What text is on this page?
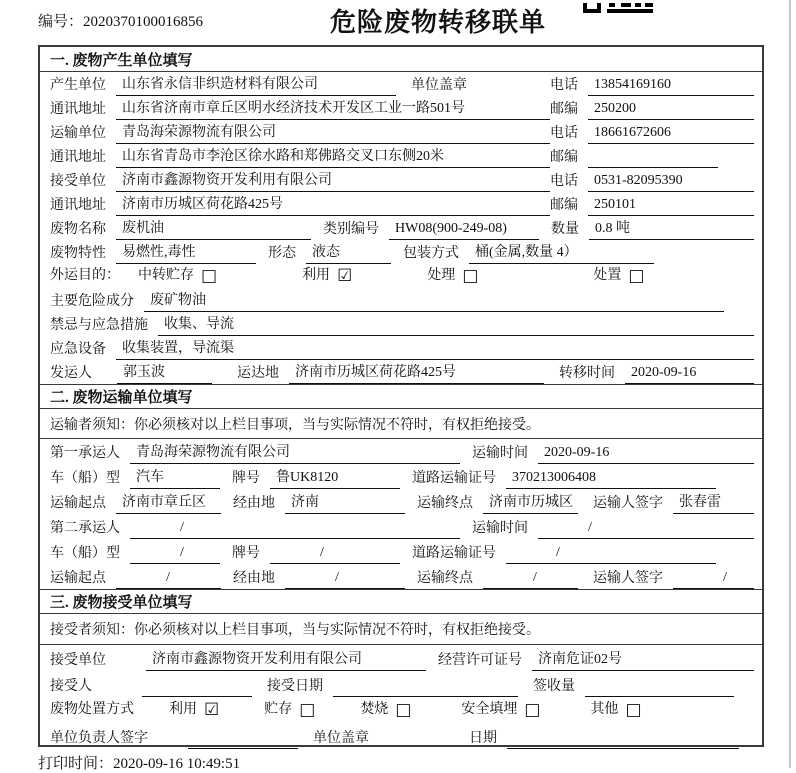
编号：2020370100016856	危险废物转移联单
一. 废物产生单位填写
产生单位	山东省永信非织造材料有限公司	单位盖章	电话	13854169160
通讯地址	山东省济南市章丘区明水经济技术开发区工业一路501号	邮编	250200
运输单位	青岛海荣源物流有限公司	电话	18661672606
通讯地址	山东省青岛市李沧区徐水路和郑佛路交叉口东侧20米	邮编
接受单位	济南市鑫源物资开发利用有限公司	电话	0531-82095390
通讯地址	济南市历城区荷花路425号	邮编	250101
废物名称	废机油	类别编号	HW08(900-249-08)	数量	0.8 吨
废物特性	易燃性,毒性	形态	液态	包装方式	桶(金属,数量 4）
外运目的： 中转贮存 □	利用 ☑	处理 □	处置 □
主要危险成分	废矿物油
禁忌与应急措施	收集、导流
应急设备	收集装置，导流渠
发运人	郭玉波	运达地	济南市历城区荷花路425号	转移时间	2020-09-16
二. 废物运输单位填写
运输者须知：你必须核对以上栏目事项，当与实际情况不符时，有权拒绝接受。
第一承运人	青岛海荣源物流有限公司	运输时间	2020-09-16
车（船）型	汽车	牌号	鲁UK8120	道路运输证号	370213006408
运输起点	济南市章丘区	经由地	济南	运输终点	济南市历城区	运输人签字	张春雷
第二承运人	/	运输时间	/
车（船）型	/	牌号	/	道路运输证号	/
运输起点	/	经由地	/	运输终点	/	运输人签字	/
三. 废物接受单位填写
接受者须知：你必须核对以上栏目事项，当与实际情况不符时，有权拒绝接受。
接受单位	济南市鑫源物资开发利用有限公司	经营许可证号	济南危证02号
接受人	接受日期	签收量
废物处置方式	利用 ☑	贮存 □	焚烧 □	安全填埋 □	其他 □
单位负责人签字	单位盖章	日期
打印时间：2020-09-16 10:49:51
